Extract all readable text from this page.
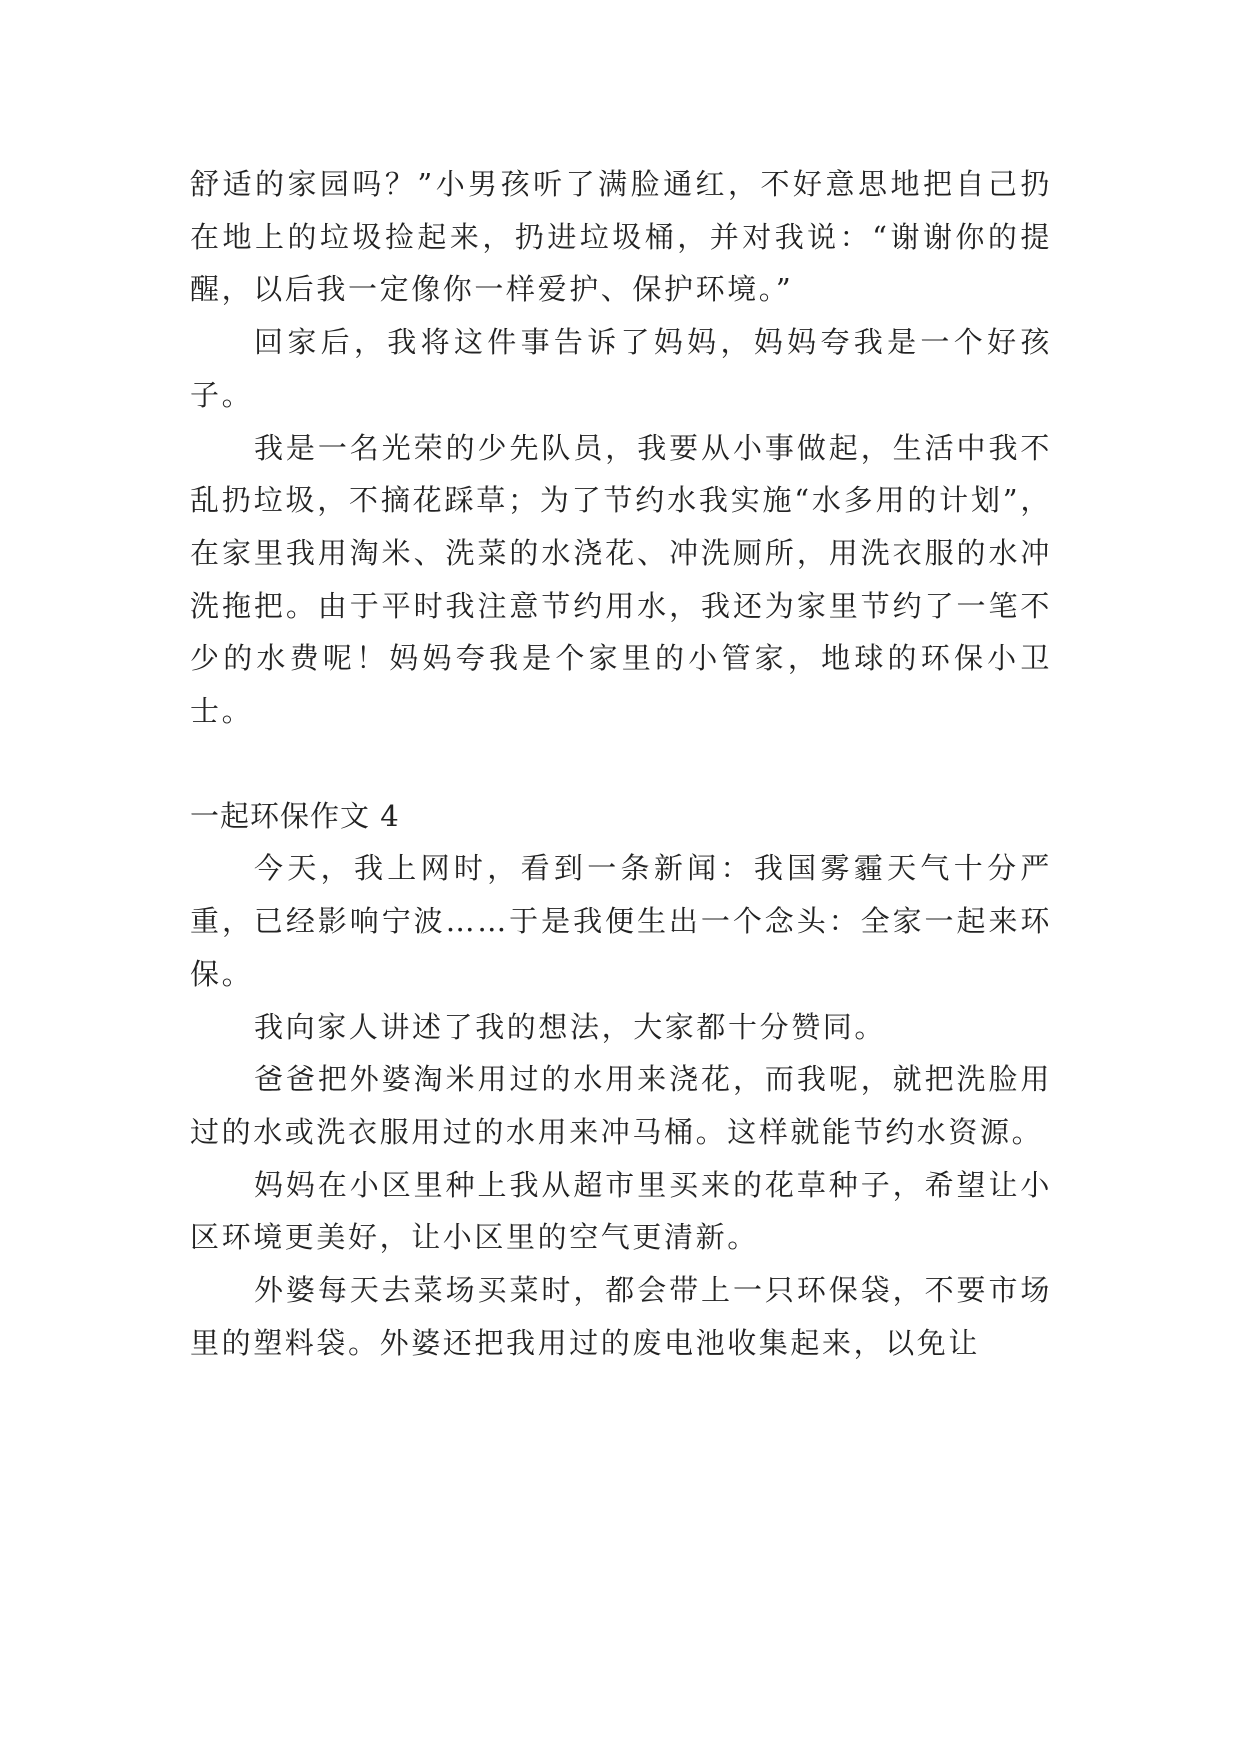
舒适的家园吗？”小男孩听了满脸通红，不好意思地把自己扔在地上的垃圾捡起来，扔进垃圾桶，并对我说：“谢谢你的提醒，以后我一定像你一样爱护、保护环境。”

回家后，我将这件事告诉了妈妈，妈妈夸我是一个好孩子。

我是一名光荣的少先队员，我要从小事做起，生活中我不乱扔垃圾，不摘花踩草；为了节约水我实施“水多用的计划”，在家里我用淘米、洗菜的水浇花、冲洗厕所，用洗衣服的水冲洗拖把。由于平时我注意节约用水，我还为家里节约了一笔不少的水费呢！妈妈夸我是个家里的小管家，地球的环保小卫士。

一起环保作文 4

今天，我上网时，看到一条新闻：我国雾霾天气十分严重，已经影响宁波……于是我便生出一个念头：全家一起来环保。

我向家人讲述了我的想法，大家都十分赞同。

爸爸把外婆淘米用过的水用来浇花，而我呢，就把洗脸用过的水或洗衣服用过的水用来冲马桶。这样就能节约水资源。

妈妈在小区里种上我从超市里买来的花草种子，希望让小区环境更美好，让小区里的空气更清新。

外婆每天去菜场买菜时，都会带上一只环保袋，不要市场里的塑料袋。外婆还把我用过的废电池收集起来，以免让
